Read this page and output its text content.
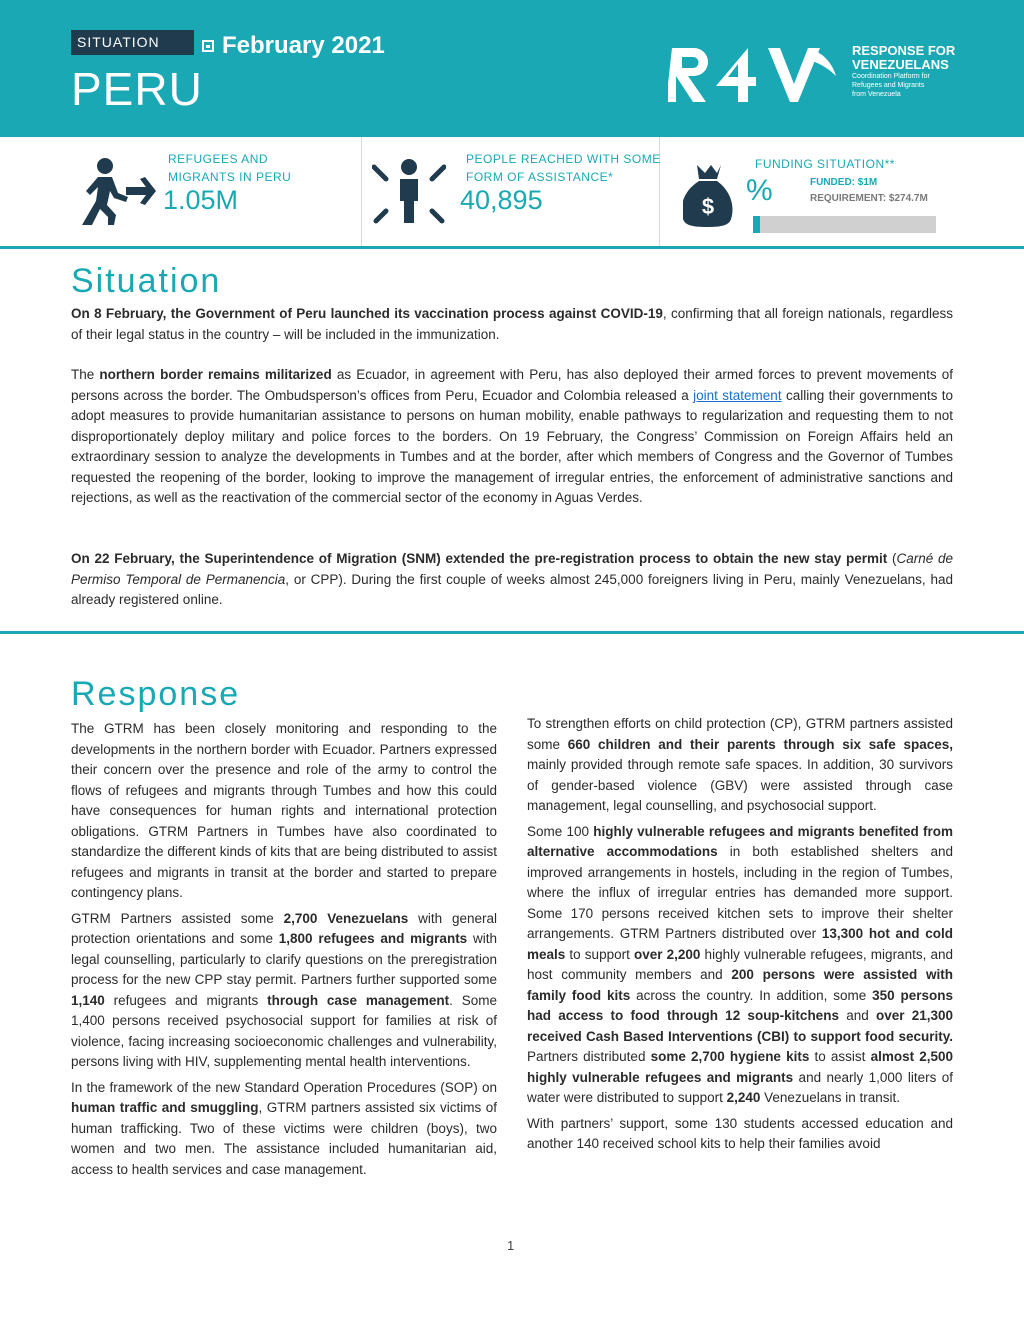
SITUATION	February 2021
PERU
RESPONSE FOR
VENEZUELANS
Coordination Platform for Refugees and Migrants from Venezuela
REFUGEES AND
MIGRANTS IN PERU
1.05M
PEOPLE REACHED WITH SOME
FORM OF ASSISTANCE*
40,895	$
FUNDING SITUATION**
%	FUNDED: $1M
REQUIREMENT: $274.7M
Situation

On 8 February, the Government of Peru launched its vaccination process against COVID-19, confirming that all foreign nationals, regardless of their legal status in the country – will be included in the immunization.

The northern border remains militarized as Ecuador, in agreement with Peru, has also deployed their armed forces to prevent movements of persons across the border. The Ombudsperson’s offices from Peru, Ecuador and Colombia released a joint statement calling their governments to adopt measures to provide humanitarian assistance to persons on human mobility, enable pathways to regularization and requesting them to not disproportionately deploy military and police forces to the borders. On 19 February, the Congress’ Commission on Foreign Affairs held an extraordinary session to analyze the developments in Tumbes and at the border, after which members of Congress and the Governor of Tumbes requested the reopening of the border, looking to improve the management of irregular entries, the enforcement of administrative sanctions and rejections, as well as the reactivation of the commercial sector of the economy in Aguas Verdes.

On 22 February, the Superintendence of Migration (SNM) extended the pre-registration process to obtain the new stay permit (Carné de Permiso Temporal de Permanencia, or CPP). During the first couple of weeks almost 245,000 foreigners living in Peru, mainly Venezuelans, had already registered online.

Response

The GTRM has been closely monitoring and responding to the developments in the northern border with Ecuador. Partners expressed their concern over the presence and role of the army to control the flows of refugees and migrants through Tumbes and how this could have consequences for human rights and international protection obligations. GTRM Partners in Tumbes have also coordinated to standardize the different kinds of kits that are being distributed to assist refugees and migrants in transit at the border and started to prepare contingency plans.

GTRM Partners assisted some 2,700 Venezuelans with general protection orientations and some 1,800 refugees and migrants with legal counselling, particularly to clarify questions on the preregistration process for the new CPP stay permit. Partners further supported some 1,140 refugees and migrants through case management. Some 1,400 persons received psychosocial support for families at risk of violence, facing increasing socioeconomic challenges and vulnerability, persons living with HIV, supplementing mental health interventions.

In the framework of the new Standard Operation Procedures (SOP) on human traffic and smuggling, GTRM partners assisted six victims of human trafficking. Two of these victims were children (boys), two women and two men. The assistance included humanitarian aid, access to health services and case management.

To strengthen efforts on child protection (CP), GTRM partners assisted some 660 children and their parents through six safe spaces, mainly provided through remote safe spaces. In addition, 30 survivors of gender-based violence (GBV) were assisted through case management, legal counselling, and psychosocial support.

Some 100 highly vulnerable refugees and migrants benefited from alternative accommodations in both established shelters and improved arrangements in hostels, including in the region of Tumbes, where the influx of irregular entries has demanded more support. Some 170 persons received kitchen sets to improve their shelter arrangements. GTRM Partners distributed over 13,300 hot and cold meals to support over 2,200 highly vulnerable refugees, migrants, and host community members and 200 persons were assisted with family food kits across the country. In addition, some 350 persons had access to food through 12 soup-kitchens and over 21,300 received Cash Based Interventions (CBI) to support food security. Partners distributed some 2,700 hygiene kits to assist almost 2,500 highly vulnerable refugees and migrants and nearly 1,000 liters of water were distributed to support 2,240 Venezuelans in transit.

With partners’ support, some 130 students accessed education and another 140 received school kits to help their families avoid

1
